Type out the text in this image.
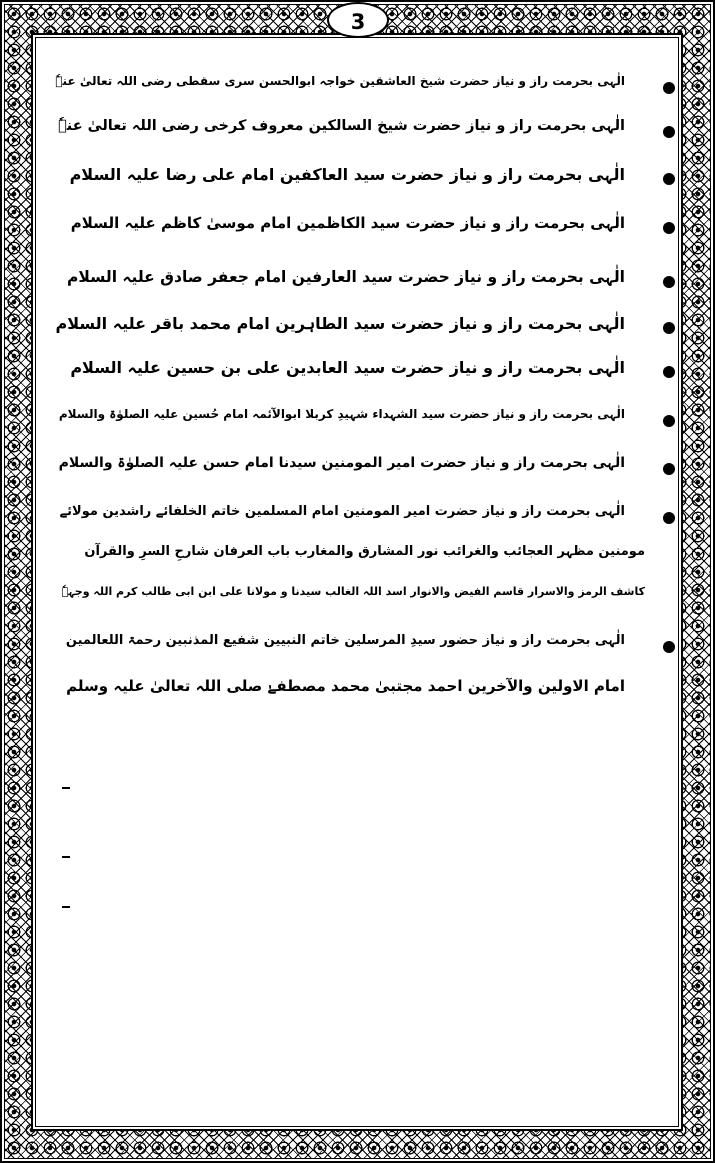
3
الٰہی بحرمت راز و نیاز حضرت شیخ العاشقین خواجہ ابوالحسن سری سقطی رضی اللہ تعالیٰ عنہٗ
الٰہی بحرمت راز و نیاز حضرت شیخ السالکین معروف کرخی رضی اللہ تعالیٰ عنہٗ
الٰہی بحرمت راز و نیاز حضرت سید العاکفین امام علی رضا علیہ السلام
الٰہی بحرمت راز و نیاز حضرت سید الکاظمین امام موسیٰ کاظم علیہ السلام
الٰہی بحرمت راز و نیاز حضرت سید العارفین امام جعفر صادق علیہ السلام
الٰہی بحرمت راز و نیاز حضرت سید الطاہرین امام محمد باقر علیہ السلام
الٰہی بحرمت راز و نیاز حضرت سید العابدین علی بن حسین علیہ السلام
الٰہی بحرمت راز و نیاز حضرت سید الشہداء شہیدِ کربلا ابوالآئمہ امام حُسین علیہ الصلوٰۃ والسلام
الٰہی بحرمت راز و نیاز حضرت امیر المومنین سیدنا امام حسن علیہ الصلوٰۃ والسلام
الٰہی بحرمت راز و نیاز حضرت امیر المومنین امام المسلمین خاتم الخلفائے راشدین مولائے
مومنین مظہر العجائب والغرائب نور المشارق والمغارب باب العرفان شارحِ السرِ والقرآن
کاشف الرمز والاسرار قاسم الفیض والانوار اسد اللہ الغالب سیدنا و مولانا علی ابن ابی طالب کرم اللہ وجہہٗ
الٰہی بحرمت راز و نیاز حضور سیدِ المرسلین خاتم النبیین شفیع المذنبین رحمۃ اللعالمین
امام الاولین والآخرین احمد مجتبیٰ محمد مصطفےٰ صلی اللہ تعالیٰ علیہ وسلم
